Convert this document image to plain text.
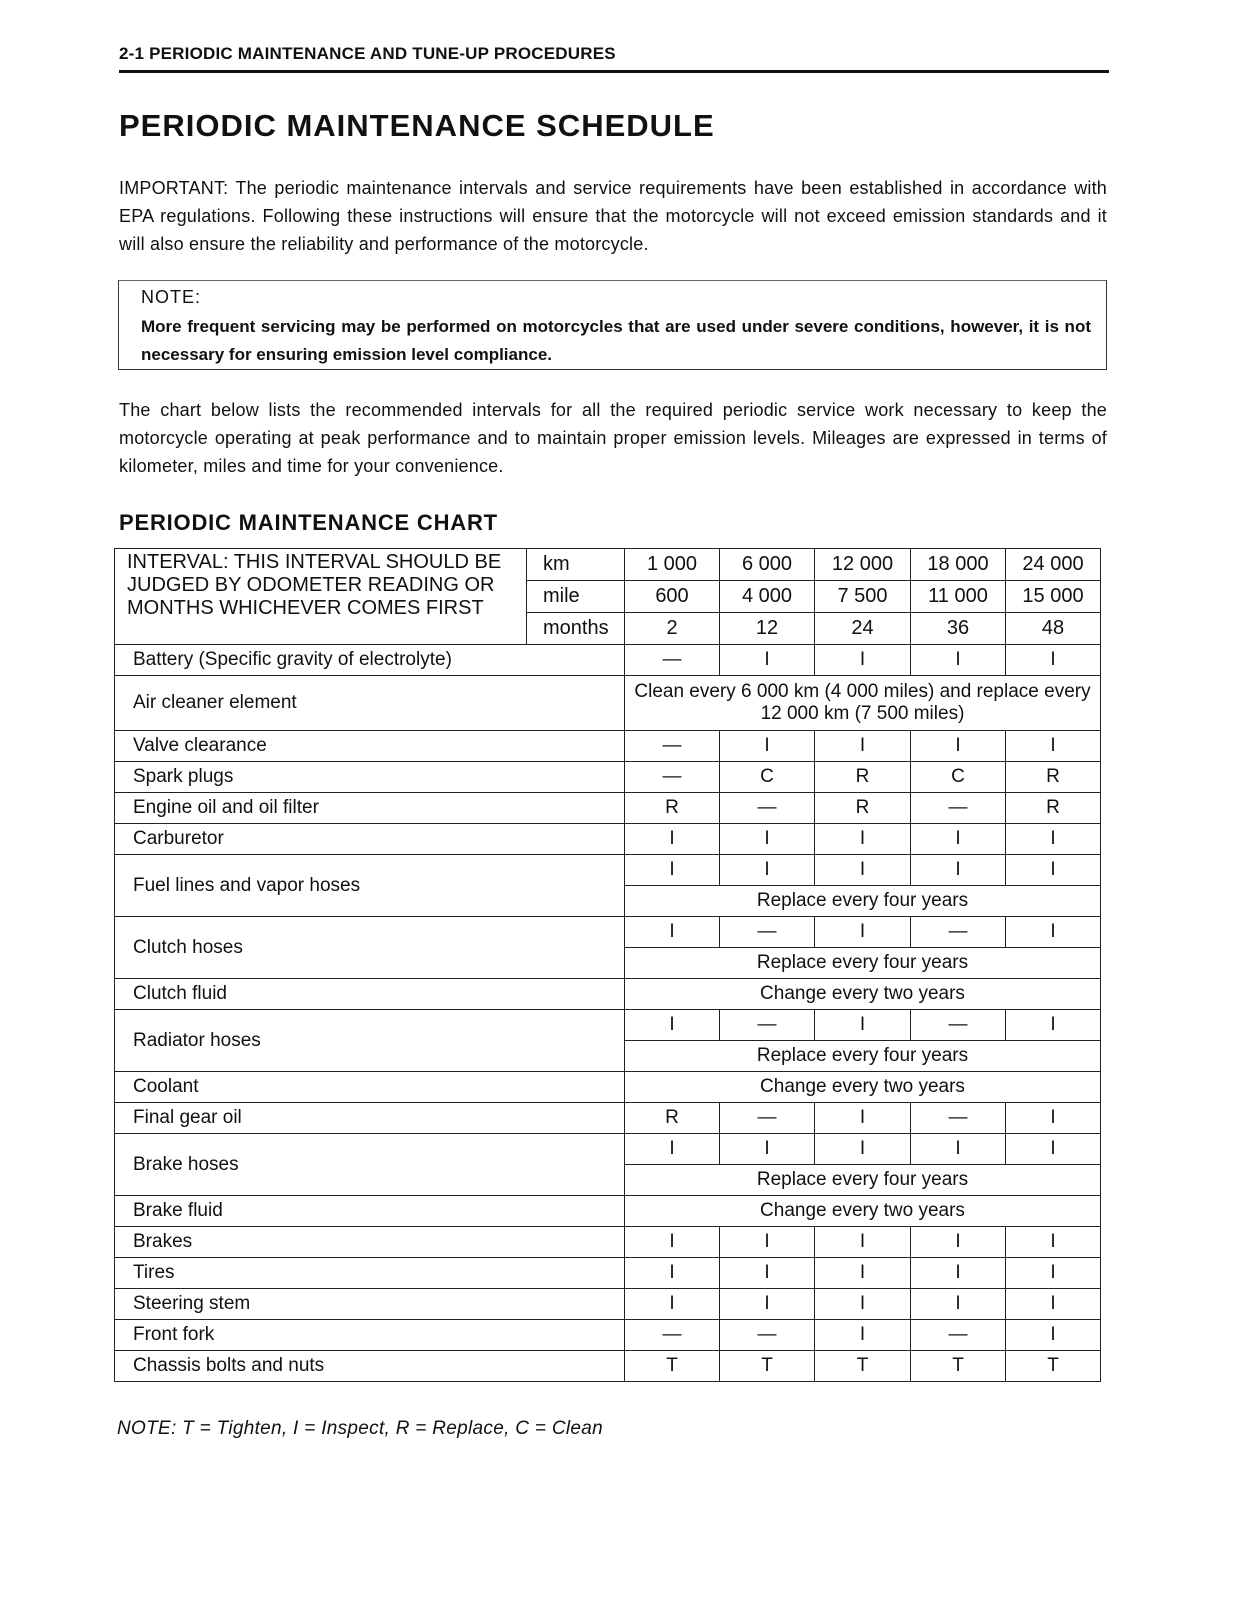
2-1 PERIODIC MAINTENANCE AND TUNE-UP PROCEDURES
PERIODIC MAINTENANCE SCHEDULE

IMPORTANT: The periodic maintenance intervals and service requirements have been established in accordance with EPA regulations. Following these instructions will ensure that the motorcycle will not exceed emission standards and it will also ensure the reliability and performance of the motorcycle.

NOTE:
More frequent servicing may be performed on motorcycles that are used under severe conditions, however, it is not necessary for ensuring emission level compliance.

The chart below lists the recommended intervals for all the required periodic service work necessary to keep the motorcycle operating at peak performance and to maintain proper emission levels. Mileages are expressed in terms of kilometer, miles and time for your convenience.

PERIODIC MAINTENANCE CHART
INTERVAL: THIS INTERVAL SHOULD BE JUDGED BY ODOMETER READING OR MONTHS WHICHEVER COMES FIRST	km	1 000	6 000	12 000	18 000	24 000
	mile	600	4 000	7 500	11 000	15 000
	months	2	12	24	36	48
Battery (Specific gravity of electrolyte)		—	I	I	I	I
Air cleaner element		Clean every 6 000 km (4 000 miles) and replace every 12 000 km (7 500 miles)				
Valve clearance		—	I	I	I	I
Spark plugs		—	C	R	C	R
Engine oil and oil filter		R	—	R	—	R
Carburetor		I	I	I	I	I
Fuel lines and vapor hoses		I	I	I	I	I
		Replace every four years				
Clutch hoses		I	—	I	—	I
		Replace every four years				
Clutch fluid		Change every two years				
Radiator hoses		I	—	I	—	I
		Replace every four years				
Coolant		Change every two years				
Final gear oil		R	—	I	—	I
Brake hoses		I	I	I	I	I
		Replace every four years				
Brake fluid		Change every two years				
Brakes		I	I	I	I	I
Tires		I	I	I	I	I
Steering stem		I	I	I	I	I
Front fork		—	—	I	—	I
Chassis bolts and nuts		T	T	T	T	T
NOTE: T = Tighten, I = Inspect, R = Replace, C = Clean
